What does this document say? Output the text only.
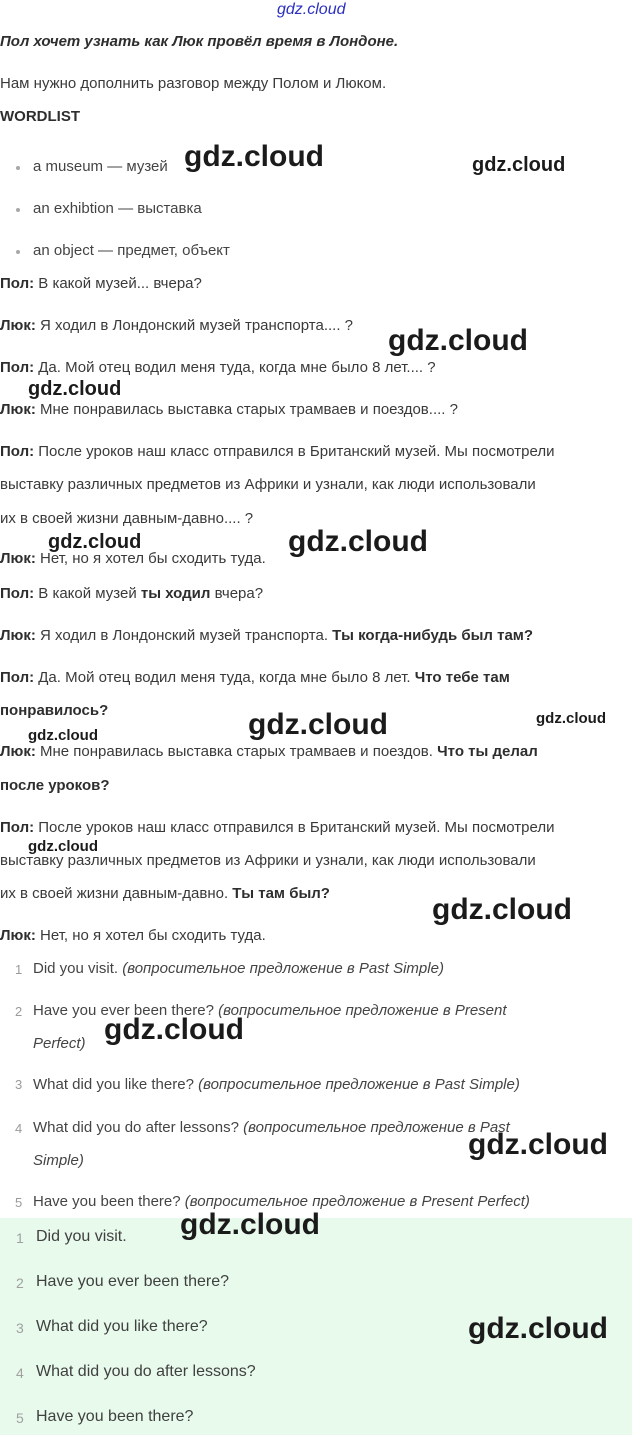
gdz.cloud
Пол хочет узнать как Люк провёл время в Лондоне.
Нам нужно дополнить разговор между Полом и Люком.
WORDLIST
a museum — музей
an exhibtion — выставка
an object — предмет, объект
Пол: В какой музей... вчера?
Люк: Я ходил в Лондонский музей транспорта.... ?
Пол: Да. Мой отец водил меня туда, когда мне было 8 лет.... ?
Люк: Мне понравилась выставка старых трамваев и поездов.... ?
Пол: После уроков наш класс отправился в Британский музей. Мы посмотрели
выставку различных предметов из Африки и узнали, как люди использовали
их в своей жизни давным-давно.... ?
Люк: Нет, но я хотел бы сходить туда.
Пол: В какой музей ты ходил вчера?
Люк: Я ходил в Лондонский музей транспорта. Ты когда-нибудь был там?
Пол: Да. Мой отец водил меня туда, когда мне было 8 лет. Что тебе там
понравилось?
Люк: Мне понравилась выставка старых трамваев и поездов. Что ты делал
после уроков?
Пол: После уроков наш класс отправился в Британский музей. Мы посмотрели
выставку различных предметов из Африки и узнали, как люди использовали
их в своей жизни давным-давно. Ты там был?
Люк: Нет, но я хотел бы сходить туда.
1 Did you visit. (вопросительное предложение в Past Simple)
2 Have you ever been there? (вопросительное предложение в Present
Perfect)
3 What did you like there? (вопросительное предложение в Past Simple)
4 What did you do after lessons? (вопросительное предложение в Past
Simple)
5 Have you been there? (вопросительное предложение в Present Perfect)
1 Did you visit.
2 Have you ever been there?
3 What did you like there?
4 What did you do after lessons?
5 Have you been there?
gdz.cloud	gdz.cloud
gdz.cloud
gdz.cloud
gdz.cloud	gdz.cloud
gdz.cloud	gdz.cloud
gdz.cloud
gdz.cloud
gdz.cloud
gdz.cloud
gdz.cloud
gdz.cloud
gdz.cloud
